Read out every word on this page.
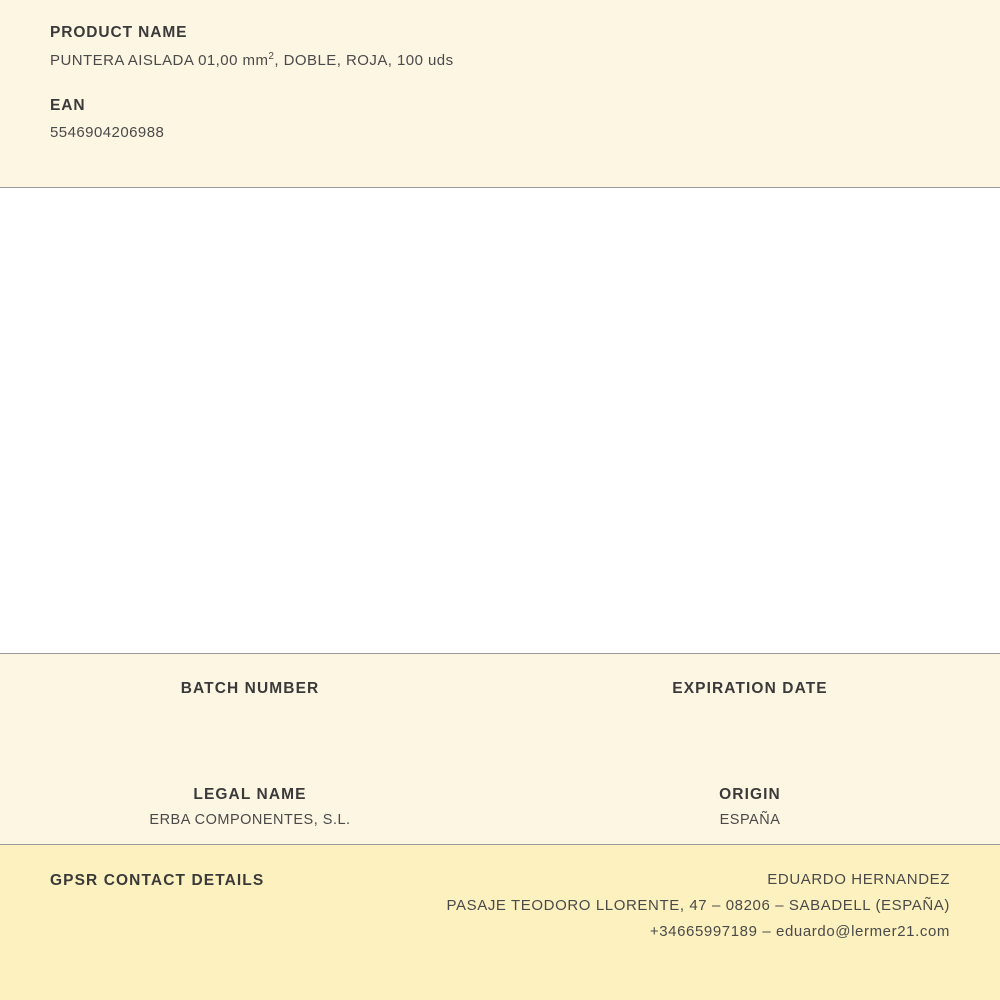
PRODUCT NAME

PUNTERA AISLADA 01,00 $mm^2$, DOBLE, ROJA, 100 uds

EAN

5546904206988

BATCH NUMBER	EXPIRATION DATE

LEGAL NAME

ERBA COMPONENTES, S.L.

ORIGIN

ESPAÑA

GPSR CONTACT DETAILS	EDUARDO HERNANDEZ

PASAJE TEODORO LLORENTE, 47 – 08206 – SABADELL (ESPAÑA)

+34665997189 – eduardo@lermer21.com
